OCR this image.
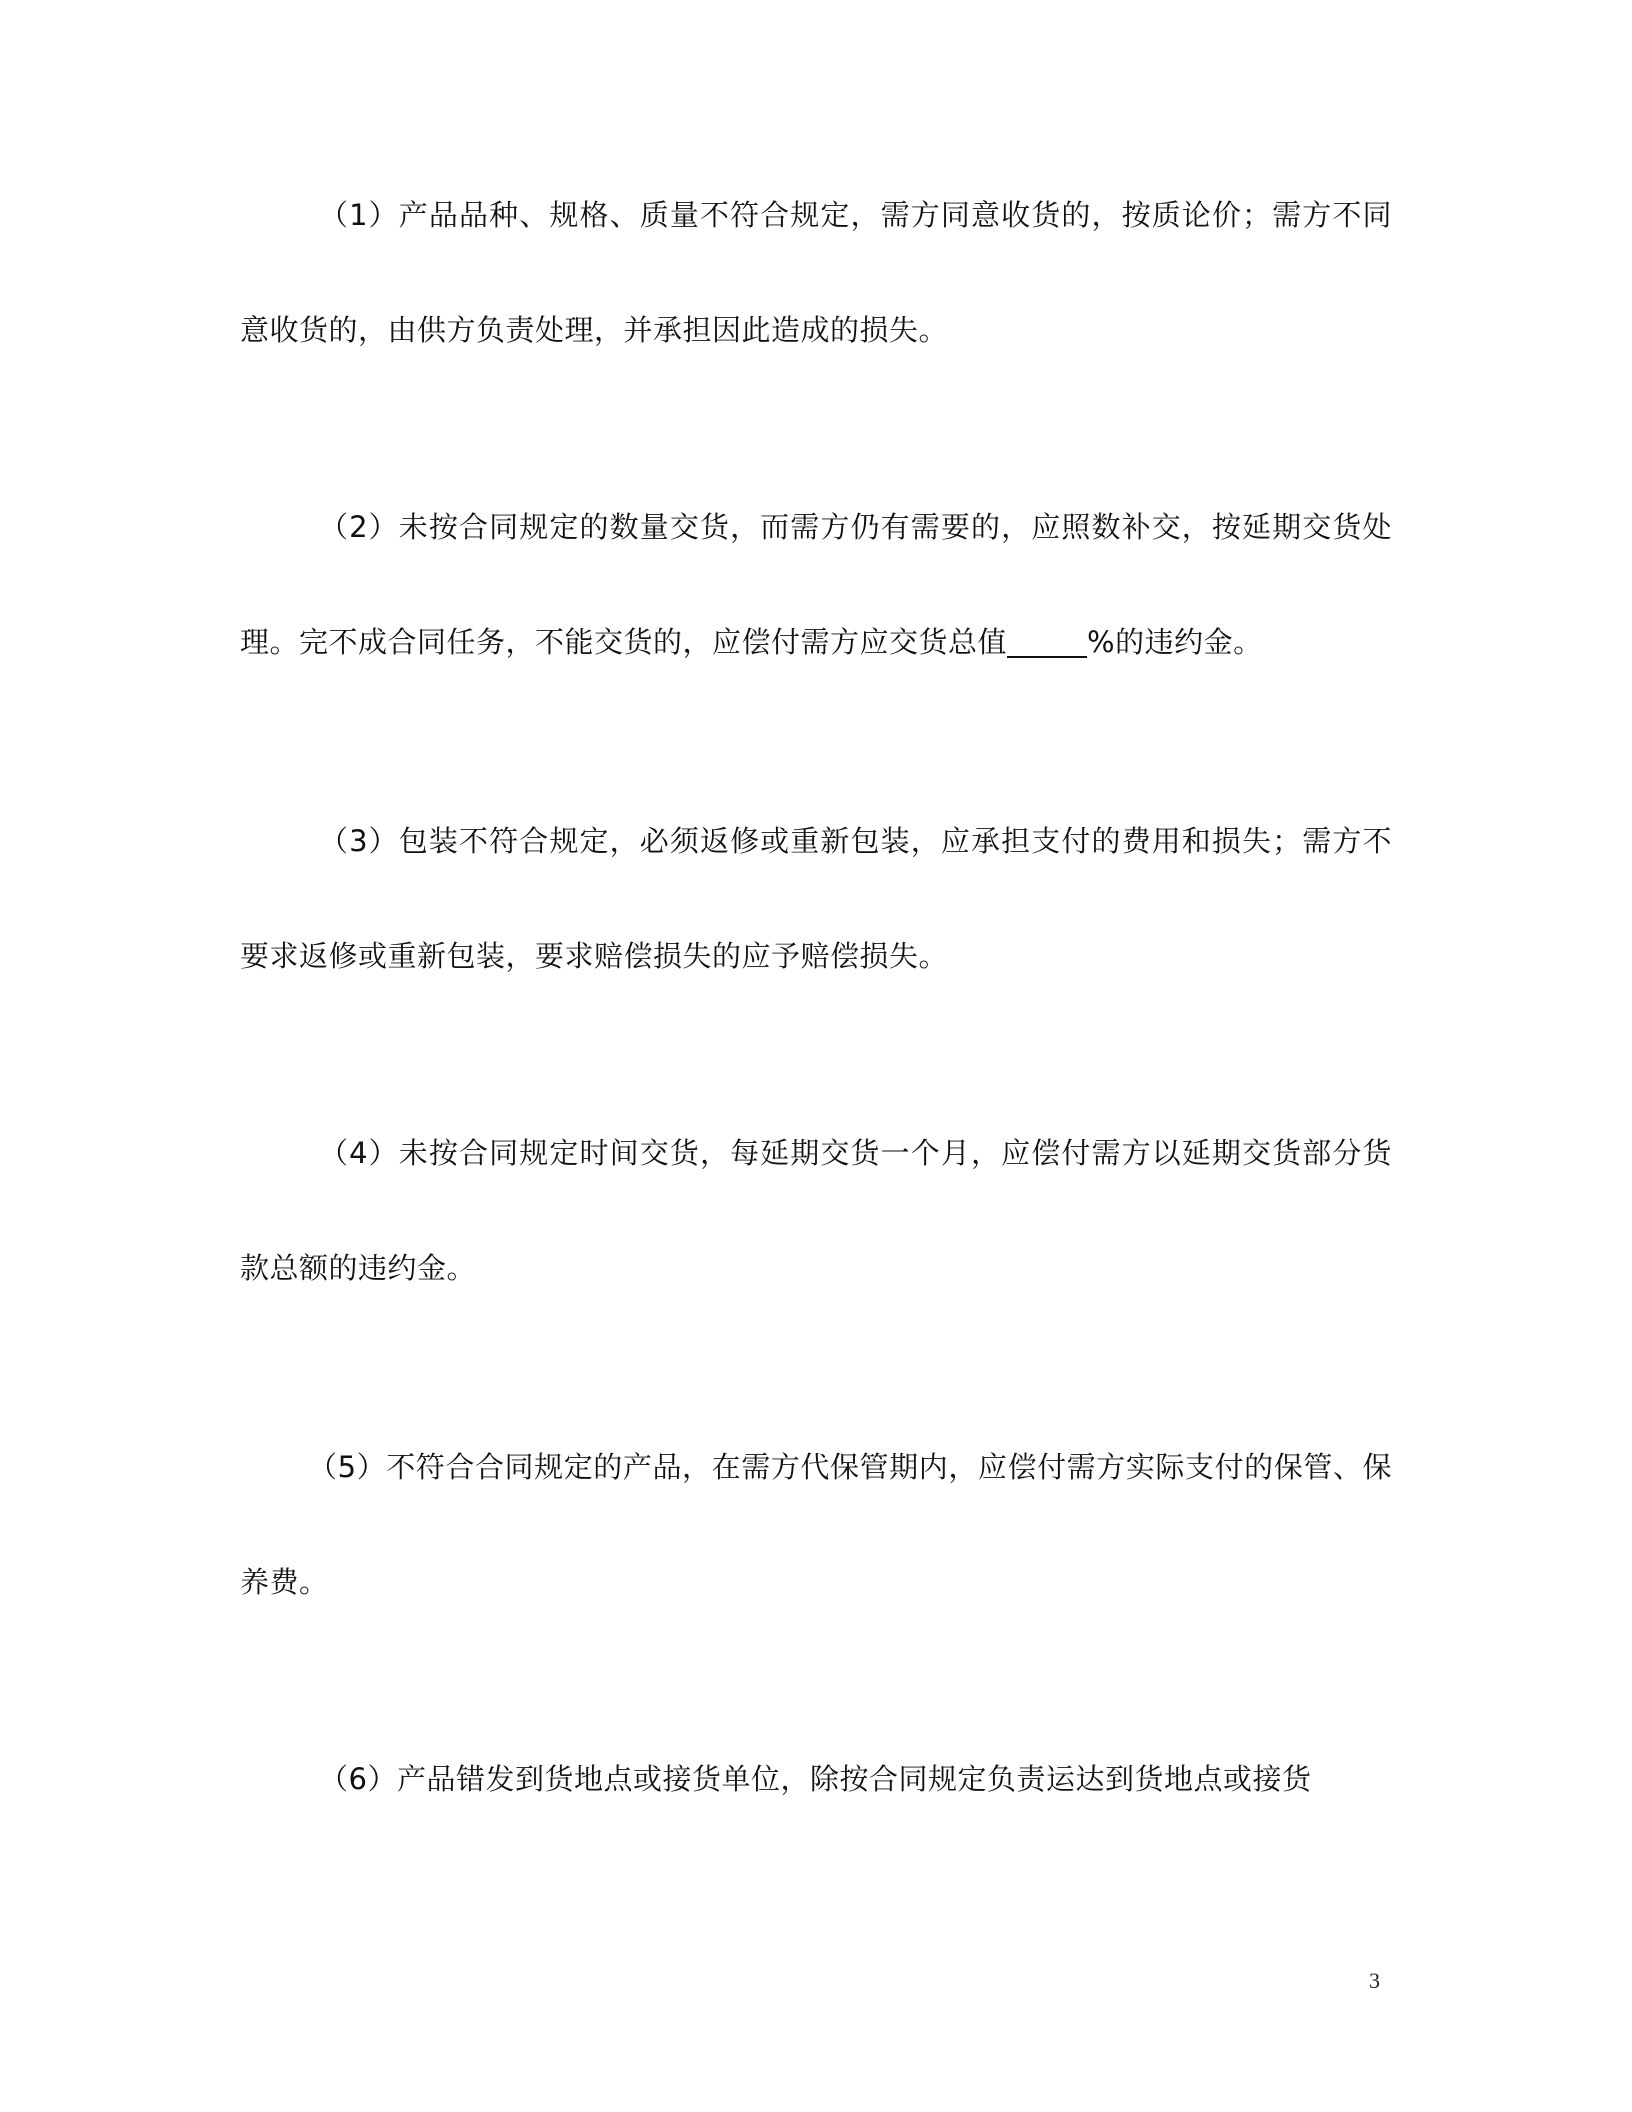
（1）产品品种、规格、质量不符合规定，需方同意收货的，按质论价；需方不同意收货的，由供方负责处理，并承担因此造成的损失。

（2）未按合同规定的数量交货，而需方仍有需要的，应照数补交，按延期交货处理。完不成合同任务，不能交货的，应偿付需方应交货总值	%的违约金。

（3）包装不符合规定，必须返修或重新包装，应承担支付的费用和损失；需方不要求返修或重新包装，要求赔偿损失的应予赔偿损失。

（4）未按合同规定时间交货，每延期交货一个月，应偿付需方以延期交货部分货款总额的违约金。

（5）不符合合同规定的产品，在需方代保管期内，应偿付需方实际支付的保管、保养费。

（6）产品错发到货地点或接货单位，除按合同规定负责运达到货地点或接货

3
